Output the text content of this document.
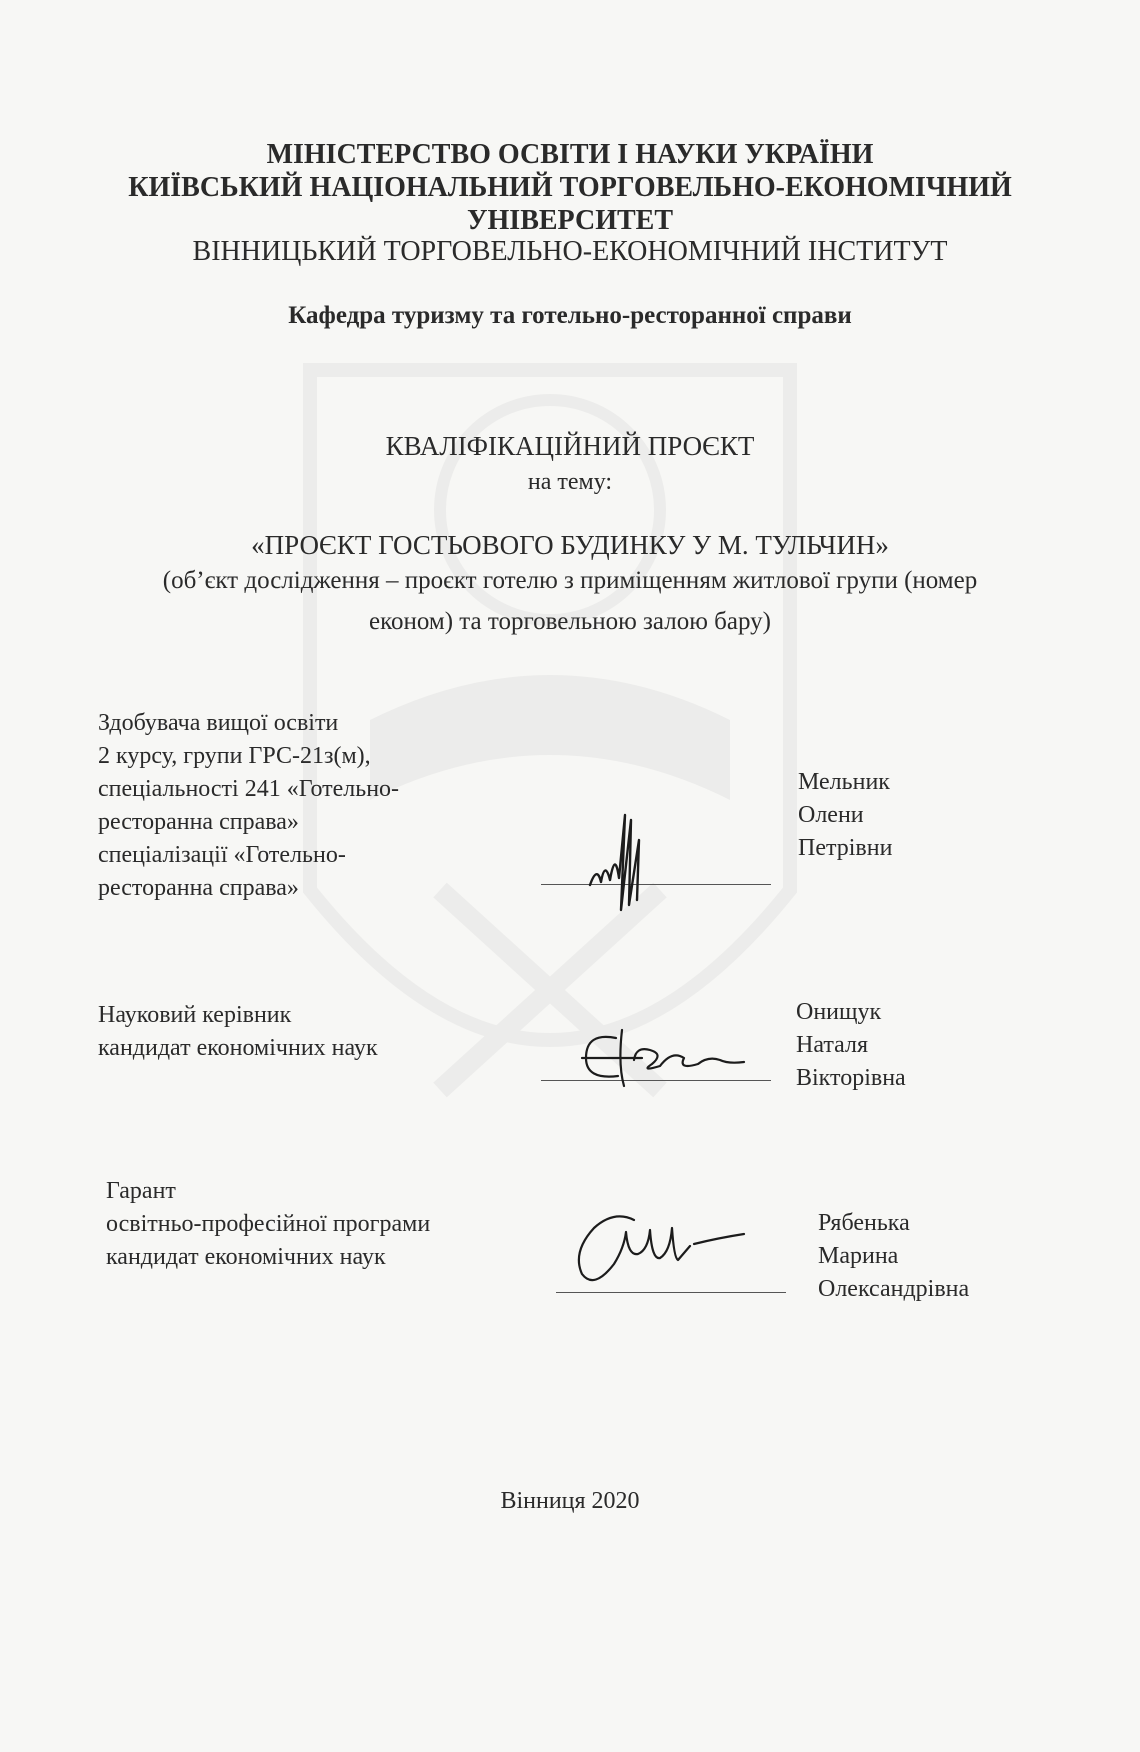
МІНІСТЕРСТВО ОСВІТИ І НАУКИ УКРАЇНИ
КИЇВСЬКИЙ НАЦІОНАЛЬНИЙ ТОРГОВЕЛЬНО-ЕКОНОМІЧНИЙ
УНІВЕРСИТЕТ
ВІННИЦЬКИЙ ТОРГОВЕЛЬНО-ЕКОНОМІЧНИЙ ІНСТИТУТ
Кафедра туризму та готельно-ресторанної справи
КВАЛІФІКАЦІЙНИЙ ПРОЄКТ
на тему:
«ПРОЄКТ ГОСТЬОВОГО БУДИНКУ У М. ТУЛЬЧИН»
(об’єкт дослідження – проєкт готелю з приміщенням житлової групи (номер
економ) та торговельною залою бару)
Здобувача вищої освіти
2 курсу, групи ГРС-21з(м),
спеціальності 241 «Готельно-
ресторанна справа»
спеціалізації «Готельно-
ресторанна справа»
Мельник
Олени
Петрівни
Науковий керівник
кандидат економічних наук
Онищук
Наталя
Вікторівна
Гарант
освітньо-професійної програми
кандидат економічних наук
Рябенька
Марина
Олександрівна
Вінниця 2020
